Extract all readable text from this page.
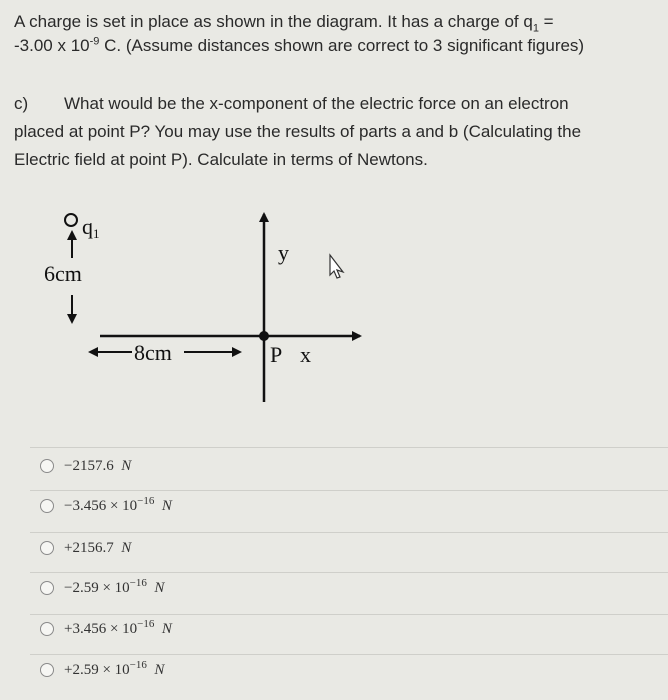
A charge is set in place as shown in the diagram. It has a charge of $q_1$ =
-3.00 x $10^{-9}$ C. (Assume distances shown are correct to 3 significant figures)
c) What would be the x-component of the electric force on an electron
placed at point P? You may use the results of parts a and b (Calculating the
Electric field at point P). Calculate in terms of Newtons.
q1
6cm
8cm
y
P x
−2157.6 N
$-3.456 \times 10^{-16}$ N
+2156.7 N
$-2.59 \times 10^{-16}$ N
$+3.456 \times 10^{-16}$ N
$+2.59 \times 10^{-16}$ N
